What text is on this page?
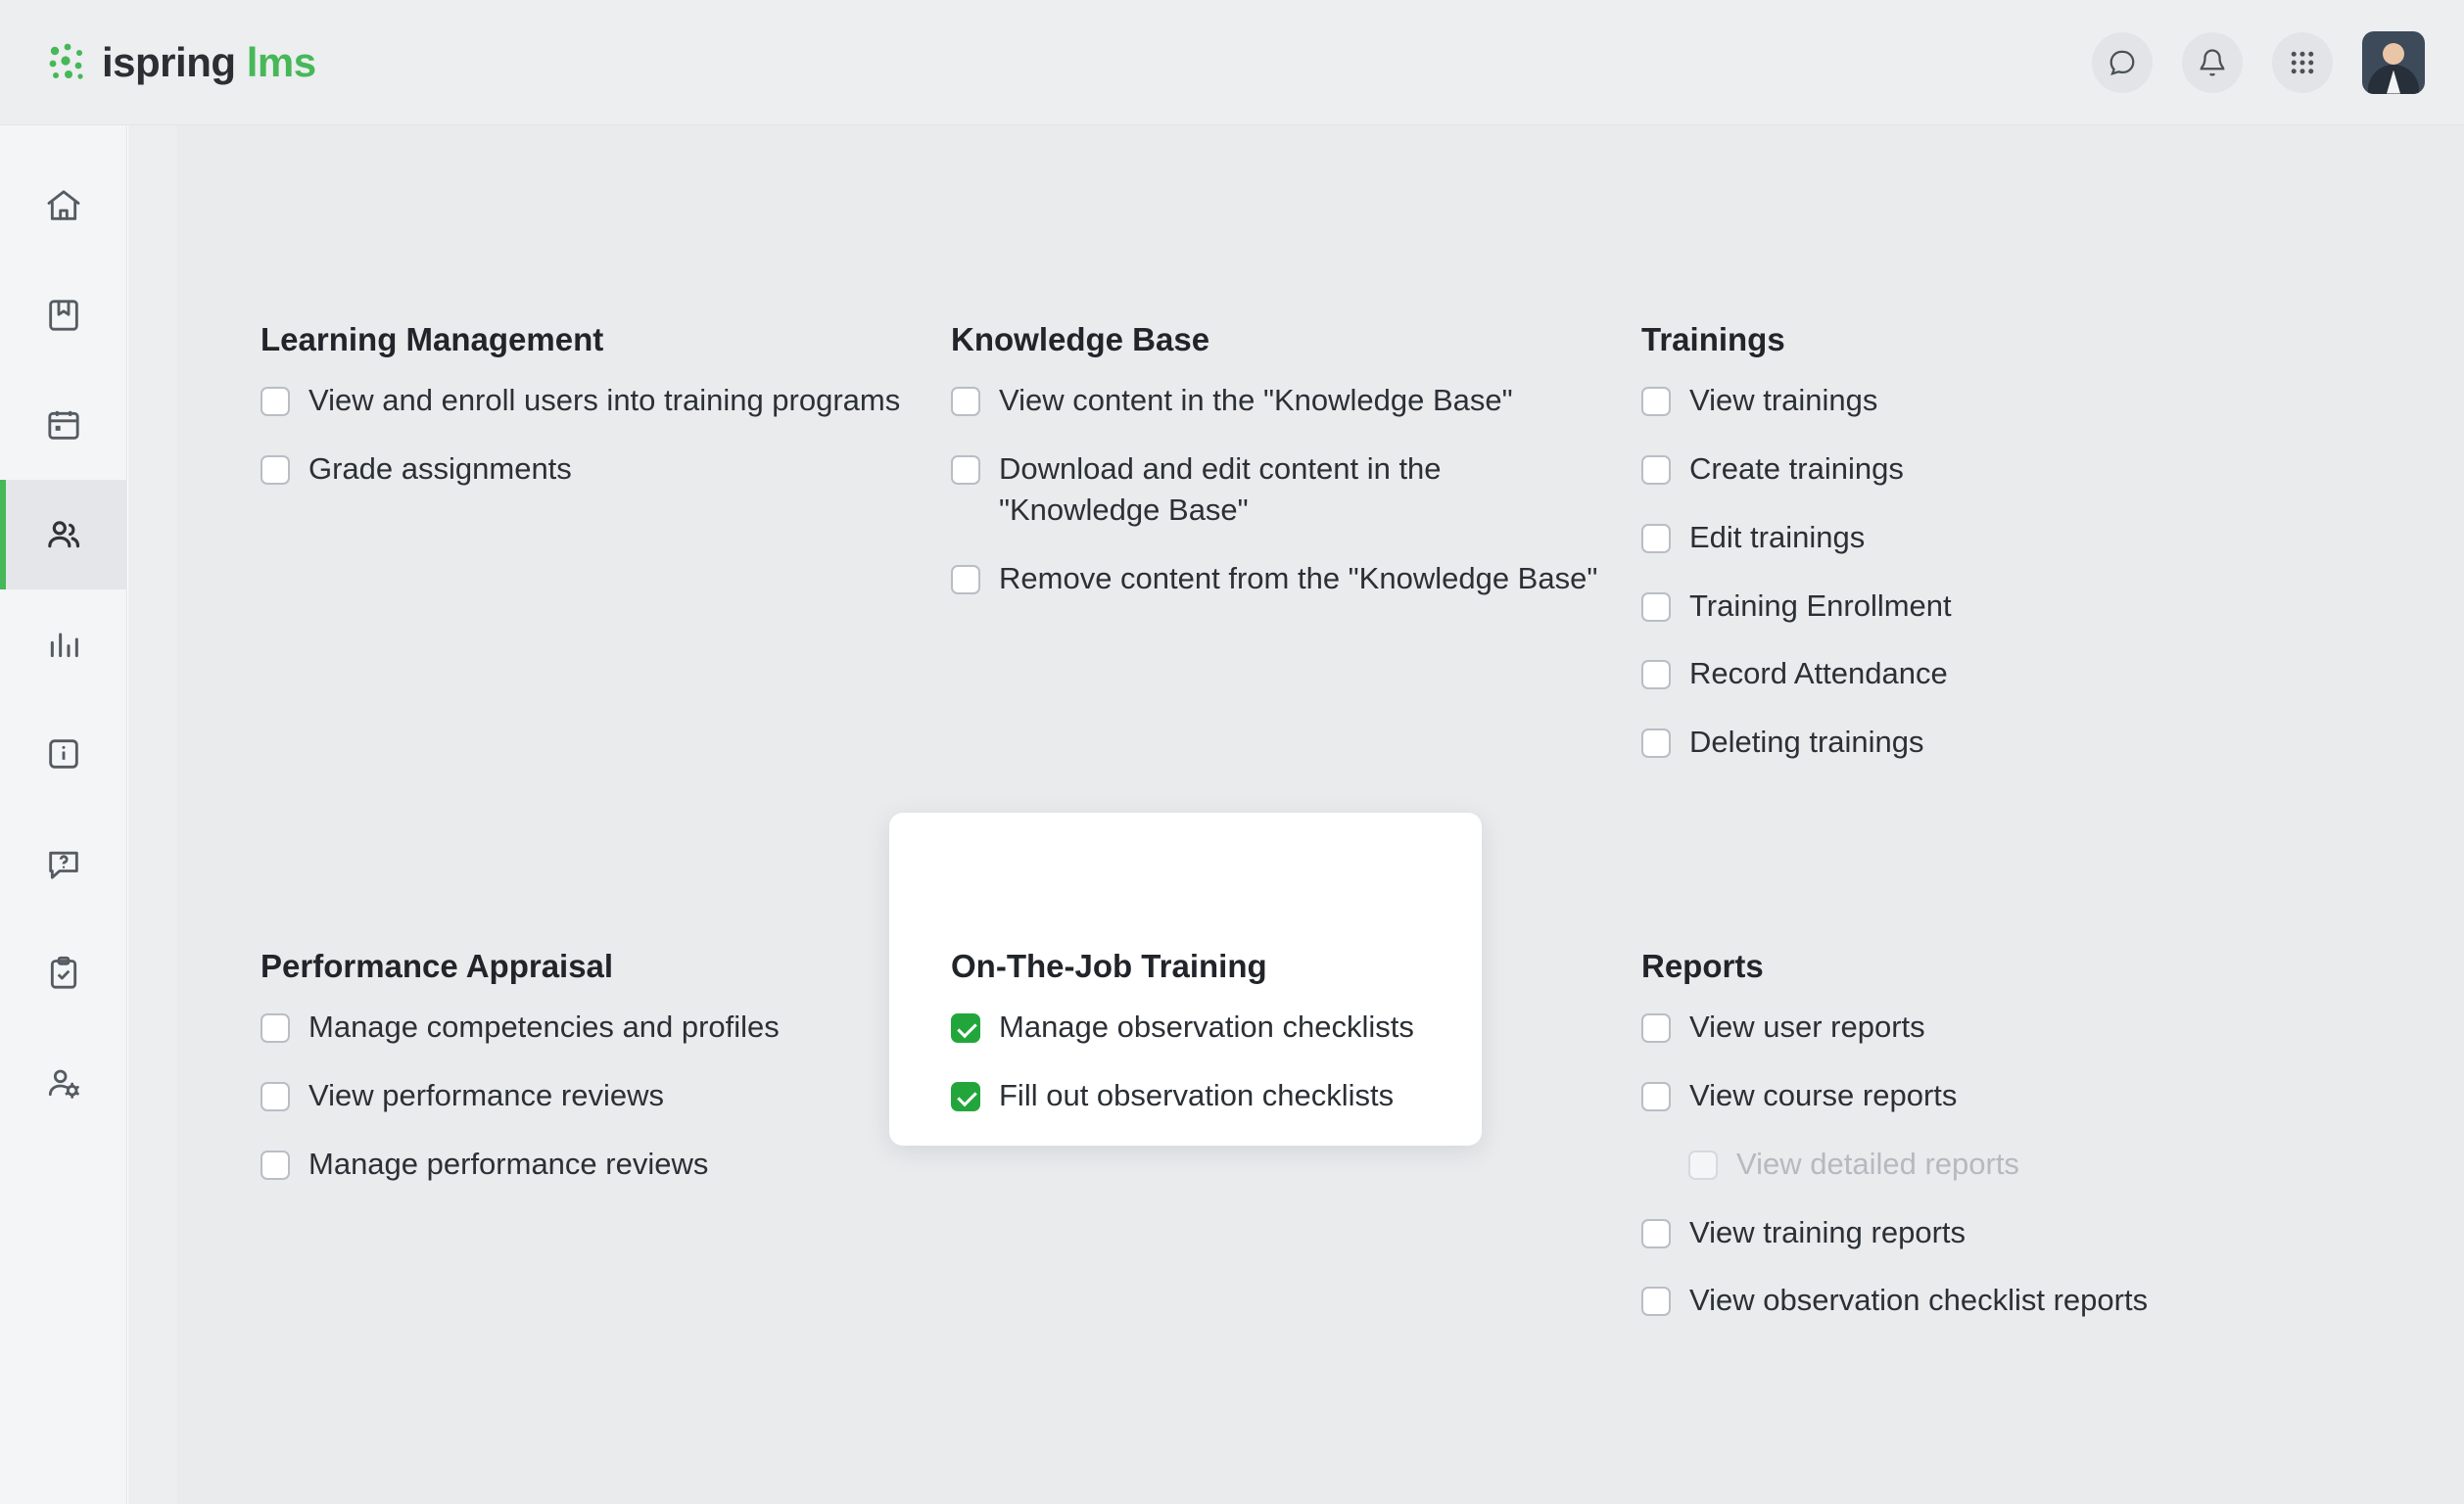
ispring lms
Learning Management
View and enroll users into training programs
Grade assignments
Knowledge Base
View content in the "Knowledge Base"
Download and edit content in the "Knowledge Base"
Remove content from the "Knowledge Base"
Trainings
View trainings
Create trainings
Edit trainings
Training Enrollment
Record Attendance
Deleting trainings
Performance Appraisal
Manage competencies and profiles
View performance reviews
Manage performance reviews
On-The-Job Training
Manage observation checklists
Fill out observation checklists
Reports
View user reports
View course reports
View detailed reports
View training reports
View observation checklist reports
